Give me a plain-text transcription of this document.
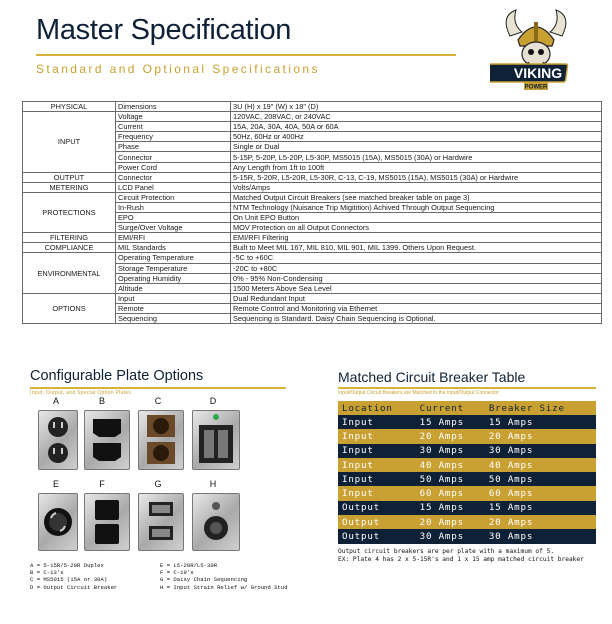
Master Specification
Standard and Optional Specifications	VIKING
POWER
PHYSICAL	Dimensions	3U (H) x 19" (W) x 18" (D)
INPUT	Voltage	120VAC, 208VAC, or 240VAC
	Current	15A, 20A, 30A, 40A, 50A or 60A
	Frequency	50Hz, 60Hz or 400Hz
	Phase	Single or Dual
	Connector	5-15P, 5-20P, L5-20P, L5-30P, MS5015 (15A), MS5015 (30A) or Hardwire
	Power Cord	Any Length from 1ft to 100ft
OUTPUT	Connector	5-15R, 5-20R, L5-20R, L5-30R, C-13, C-19, MS5015 (15A), MS5015 (30A) or Hardwire
METERING	LCD Panel	Volts/Amps
PROTECTIONS	Circuit Protection	Matched Output Circuit Breakers (see matched breaker table on page 3)
	In-Rush	NTM Technology (Nuisance Trip Migitition) Achived Through Output Sequencing
	EPO	On Unit EPO Button
	Surge/Over Voltage	MOV Protection on all Output Connectors
FILTERING	EMI/RFI	EMI/RFI Filtering
COMPLIANCE	MIL Standards	Built to Meet MIL 167, MIL 810, MIL 901, MIL 1399. Others Upon Request.
ENVIRONMENTAL	Operating Temperature	-5C to +60C
	Storage Temperature	-20C to +80C
	Operating Humidity	0% - 95% Non-Condensing
	Altitude	1500 Meters Above Sea Level
OPTIONS	Input	Dual Redundant Input
	Remote	Remote Control and Monitoring via Ethernet
	Sequencing	Sequencing is Standard. Daisy Chain Sequencing is Optional.
Configurable Plate Options
Input, Output, and Special Option Plates
A	B	C	D
E	F	G	H
A = 5-15R/5-20R Duplex
B = C-13's
C = MS5015 (15A or 30A)
D = Output Circuit Breaker
E = L5-20R/L5-30R
F = C-19's
G = Daisy Chain Sequencing
H = Input Strain Relief w/ Ground Stud
Matched Circuit Breaker Table
Input/Output Circuit Breakers are Matched to the Input/Output Connector
Location	Current	Breaker Size
Input	15 Amps	15 Amps
Input	20 Amps	20 Amps
Input	30 Amps	30 Amps
Input	40 Amps	40 Amps
Input	50 Amps	50 Amps
Input	60 Amps	60 Amps
Output	15 Amps	15 Amps
Output	20 Amps	20 Amps
Output	30 Amps	30 Amps
Output circuit breakers are per plate with a maximum of 5.
EX: Plate 4 has 2 x 5-15R's and 1 x 15 amp matched circuit breaker
